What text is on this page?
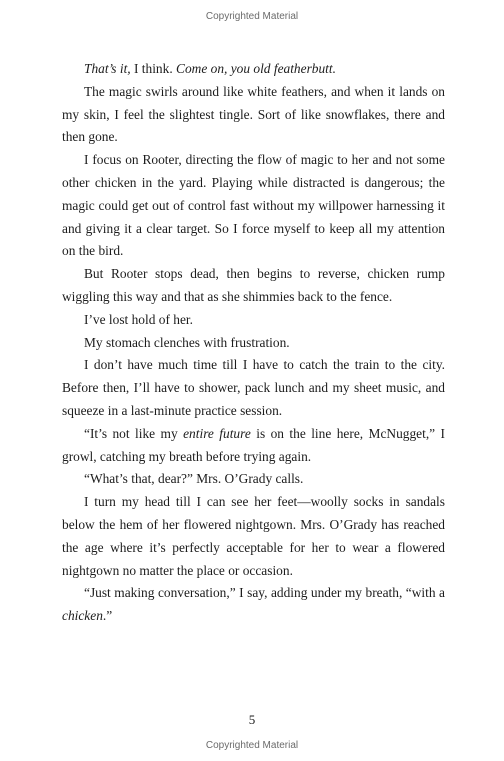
Copyrighted Material

That’s it, I think. Come on, you old featherbutt.

The magic swirls around like white feathers, and when it lands on my skin, I feel the slightest tingle. Sort of like snowflakes, there and then gone.

I focus on Rooter, directing the flow of magic to her and not some other chicken in the yard. Playing while distracted is dangerous; the magic could get out of control fast without my willpower harnessing it and giving it a clear target. So I force myself to keep all my attention on the bird.

But Rooter stops dead, then begins to reverse, chicken rump wiggling this way and that as she shimmies back to the fence.

I’ve lost hold of her.

My stomach clenches with frustration.

I don’t have much time till I have to catch the train to the city. Before then, I’ll have to shower, pack lunch and my sheet music, and squeeze in a last-minute practice session.

“It’s not like my entire future is on the line here, McNugget,” I growl, catching my breath before trying again.

“What’s that, dear?” Mrs. O’Grady calls.

I turn my head till I can see her feet—woolly socks in sandals below the hem of her flowered nightgown. Mrs. O’Grady has reached the age where it’s perfectly acceptable for her to wear a flowered nightgown no matter the place or occasion.

“Just making conversation,” I say, adding under my breath, “with a chicken.”

5
Copyrighted Material
